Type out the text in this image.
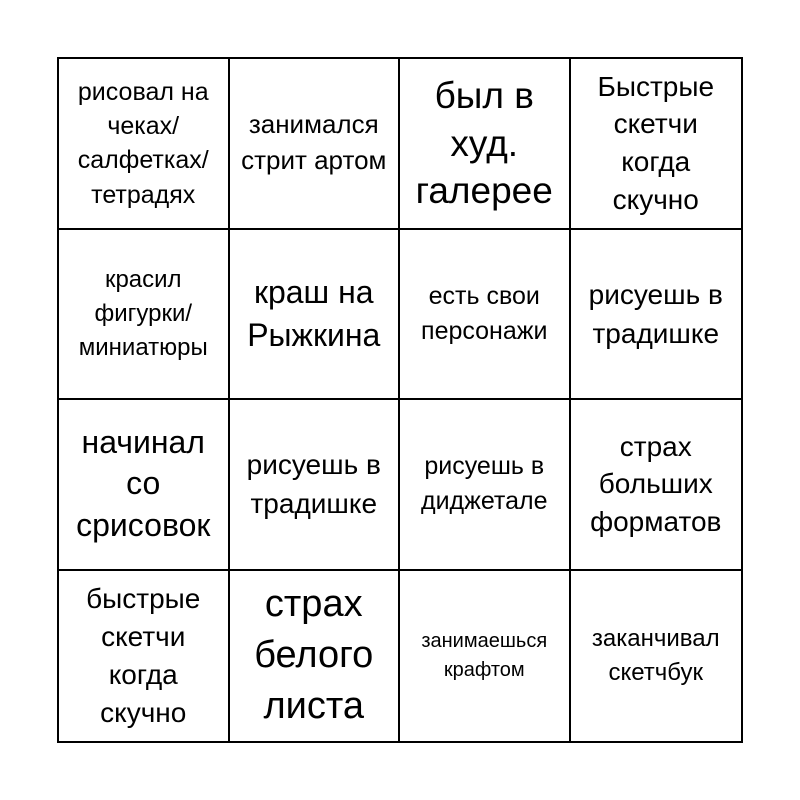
рисовал на чеках/ салфетках/ тетрадях
занимался стрит артом
был в худ. галерее
Быстрые скетчи когда скучно
красил фигурки/ миниатюры
краш на Рыжкина
есть свои персонажи
рисуешь в традишке
начинал со срисовок
рисуешь в традишке
рисуешь в диджетале
страх больших форматов
быстрые скетчи когда скучно
страх белого листа
занимаешься крафтом
заканчивал скетчбук
